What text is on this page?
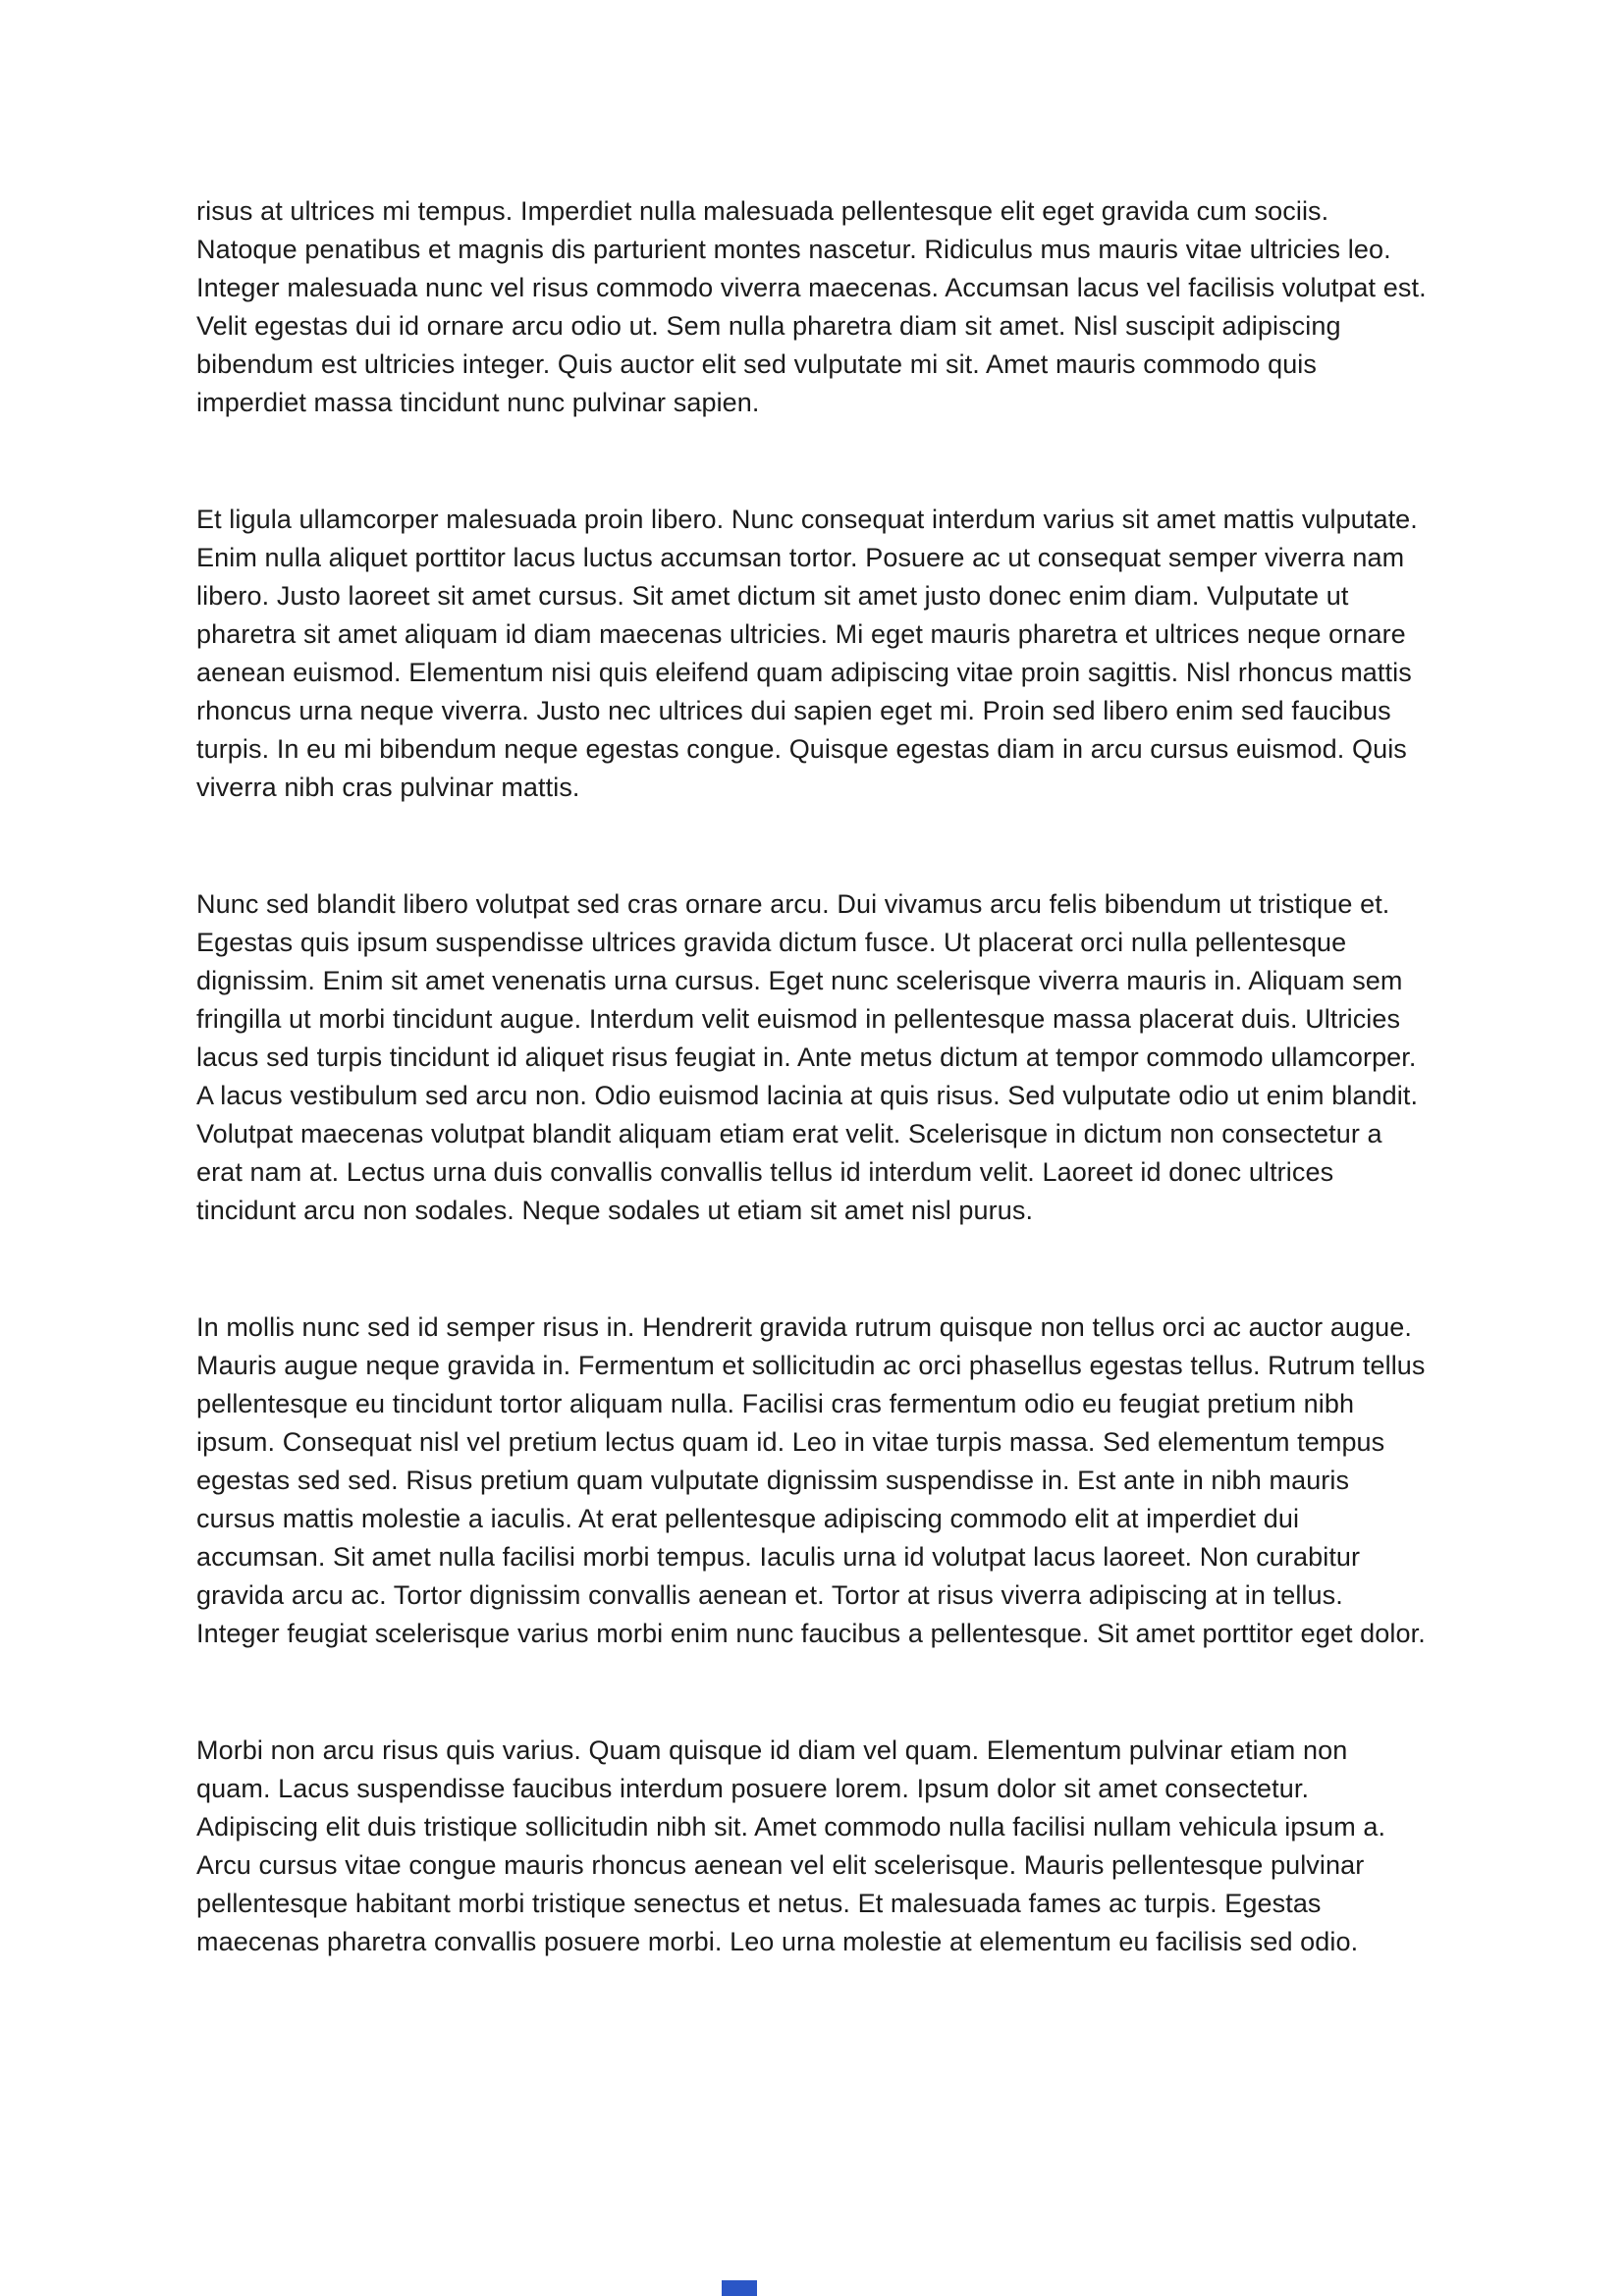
risus at ultrices mi tempus. Imperdiet nulla malesuada pellentesque elit eget gravida cum sociis. Natoque penatibus et magnis dis parturient montes nascetur. Ridiculus mus mauris vitae ultricies leo. Integer malesuada nunc vel risus commodo viverra maecenas. Accumsan lacus vel facilisis volutpat est. Velit egestas dui id ornare arcu odio ut. Sem nulla pharetra diam sit amet. Nisl suscipit adipiscing bibendum est ultricies integer. Quis auctor elit sed vulputate mi sit. Amet mauris commodo quis imperdiet massa tincidunt nunc pulvinar sapien.

Et ligula ullamcorper malesuada proin libero. Nunc consequat interdum varius sit amet mattis vulputate. Enim nulla aliquet porttitor lacus luctus accumsan tortor. Posuere ac ut consequat semper viverra nam libero. Justo laoreet sit amet cursus. Sit amet dictum sit amet justo donec enim diam. Vulputate ut pharetra sit amet aliquam id diam maecenas ultricies. Mi eget mauris pharetra et ultrices neque ornare aenean euismod. Elementum nisi quis eleifend quam adipiscing vitae proin sagittis. Nisl rhoncus mattis rhoncus urna neque viverra. Justo nec ultrices dui sapien eget mi. Proin sed libero enim sed faucibus turpis. In eu mi bibendum neque egestas congue. Quisque egestas diam in arcu cursus euismod. Quis viverra nibh cras pulvinar mattis.

Nunc sed blandit libero volutpat sed cras ornare arcu. Dui vivamus arcu felis bibendum ut tristique et. Egestas quis ipsum suspendisse ultrices gravida dictum fusce. Ut placerat orci nulla pellentesque dignissim. Enim sit amet venenatis urna cursus. Eget nunc scelerisque viverra mauris in. Aliquam sem fringilla ut morbi tincidunt augue. Interdum velit euismod in pellentesque massa placerat duis. Ultricies lacus sed turpis tincidunt id aliquet risus feugiat in. Ante metus dictum at tempor commodo ullamcorper. A lacus vestibulum sed arcu non. Odio euismod lacinia at quis risus. Sed vulputate odio ut enim blandit. Volutpat maecenas volutpat blandit aliquam etiam erat velit. Scelerisque in dictum non consectetur a erat nam at. Lectus urna duis convallis convallis tellus id interdum velit. Laoreet id donec ultrices tincidunt arcu non sodales. Neque sodales ut etiam sit amet nisl purus.

In mollis nunc sed id semper risus in. Hendrerit gravida rutrum quisque non tellus orci ac auctor augue. Mauris augue neque gravida in. Fermentum et sollicitudin ac orci phasellus egestas tellus. Rutrum tellus pellentesque eu tincidunt tortor aliquam nulla. Facilisi cras fermentum odio eu feugiat pretium nibh ipsum. Consequat nisl vel pretium lectus quam id. Leo in vitae turpis massa. Sed elementum tempus egestas sed sed. Risus pretium quam vulputate dignissim suspendisse in. Est ante in nibh mauris cursus mattis molestie a iaculis. At erat pellentesque adipiscing commodo elit at imperdiet dui accumsan. Sit amet nulla facilisi morbi tempus. Iaculis urna id volutpat lacus laoreet. Non curabitur gravida arcu ac. Tortor dignissim convallis aenean et. Tortor at risus viverra adipiscing at in tellus. Integer feugiat scelerisque varius morbi enim nunc faucibus a pellentesque. Sit amet porttitor eget dolor.

Morbi non arcu risus quis varius. Quam quisque id diam vel quam. Elementum pulvinar etiam non quam. Lacus suspendisse faucibus interdum posuere lorem. Ipsum dolor sit amet consectetur. Adipiscing elit duis tristique sollicitudin nibh sit. Amet commodo nulla facilisi nullam vehicula ipsum a. Arcu cursus vitae congue mauris rhoncus aenean vel elit scelerisque. Mauris pellentesque pulvinar pellentesque habitant morbi tristique senectus et netus. Et malesuada fames ac turpis. Egestas maecenas pharetra convallis posuere morbi. Leo urna molestie at elementum eu facilisis sed odio.
